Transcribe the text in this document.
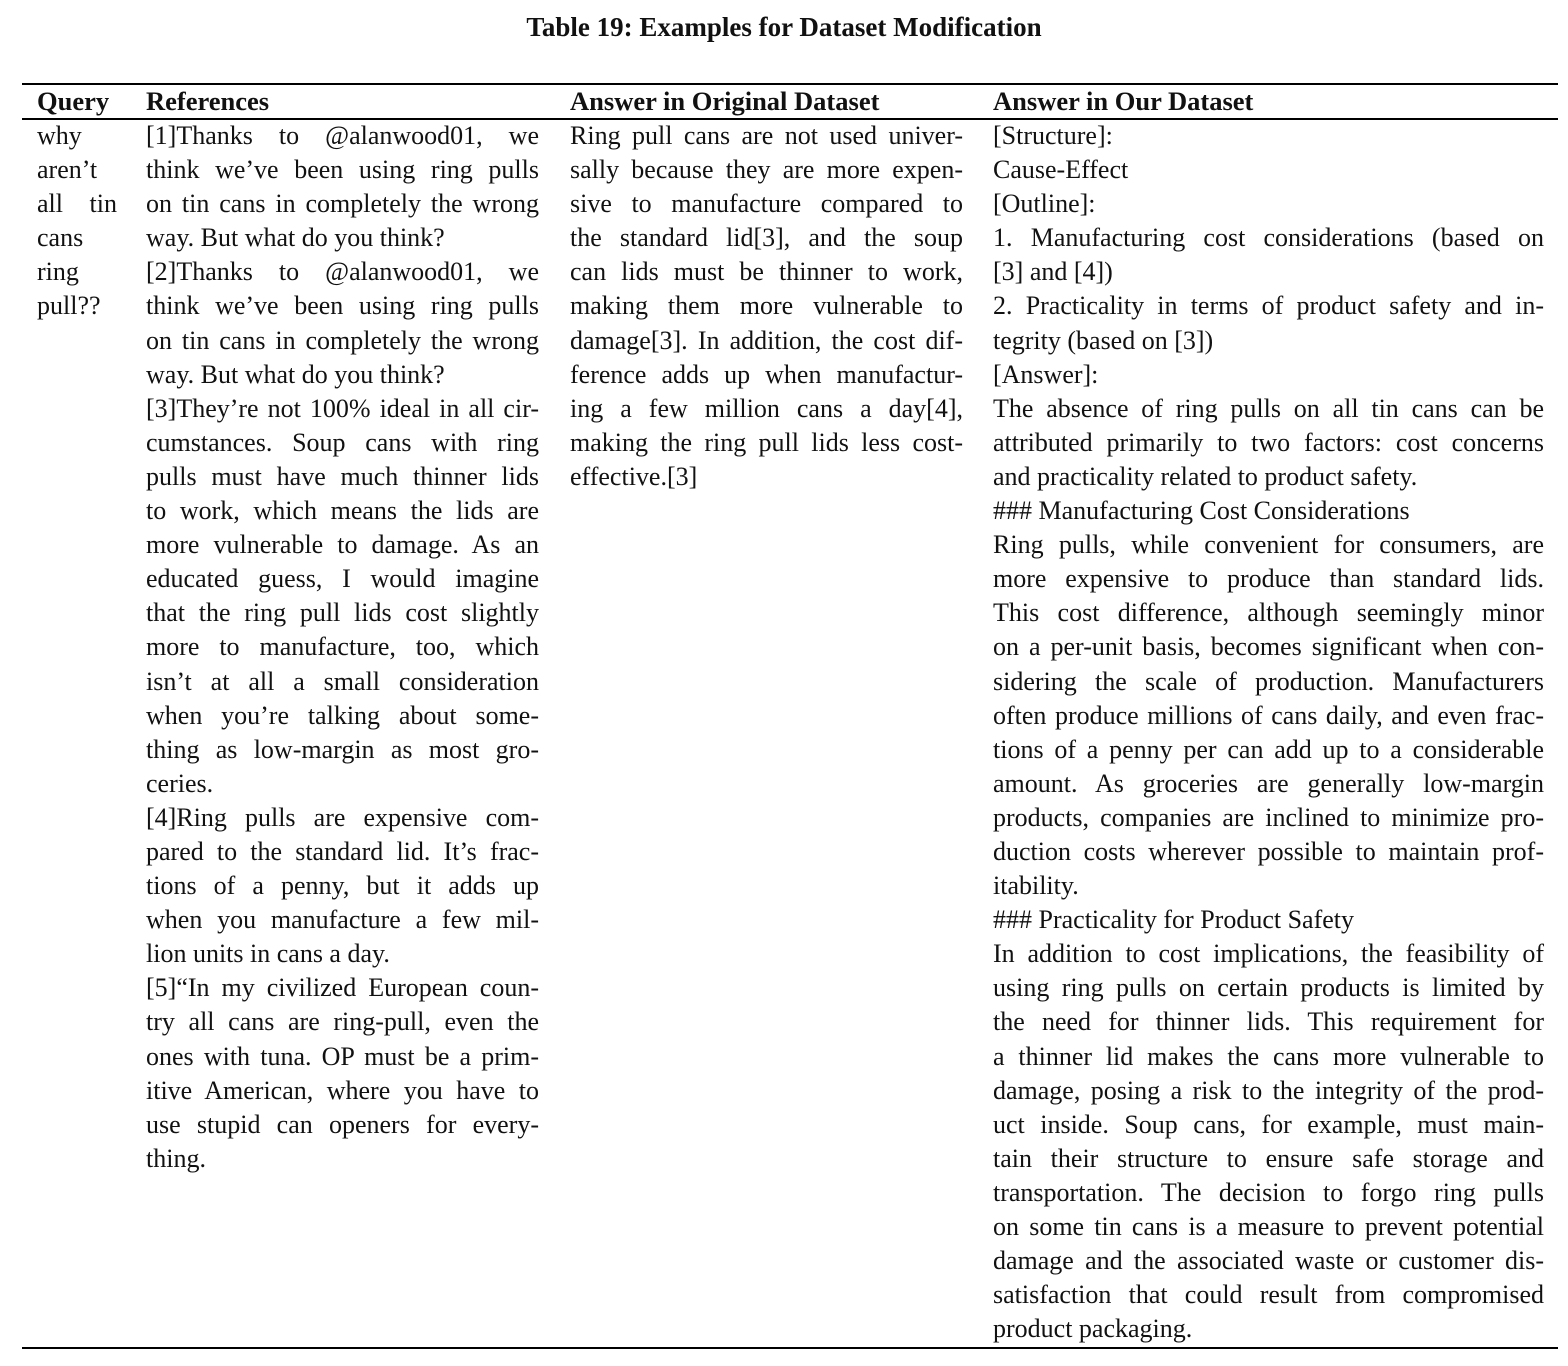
Table 19: Examples for Dataset Modification
Query References	Answer in Original Dataset	Answer in Our Dataset
why
aren’t
all tin
cans
ring
pull??
[1]Thanks to @alanwood01, we
think we’ve been using ring pulls
on tin cans in completely the wrong
way. But what do you think?
[2]Thanks to @alanwood01, we
think we’ve been using ring pulls
on tin cans in completely the wrong
way. But what do you think?
[3]They’re not 100% ideal in all cir-
cumstances. Soup cans with ring
pulls must have much thinner lids
to work, which means the lids are
more vulnerable to damage. As an
educated guess, I would imagine
that the ring pull lids cost slightly
more to manufacture, too, which
isn’t at all a small consideration
when you’re talking about some-
thing as low-margin as most gro-
ceries.
[4]Ring pulls are expensive com-
pared to the standard lid. It’s frac-
tions of a penny, but it adds up
when you manufacture a few mil-
lion units in cans a day.
[5]“In my civilized European coun-
try all cans are ring-pull, even the
ones with tuna. OP must be a prim-
itive American, where you have to
use stupid can openers for every-
thing.
Ring pull cans are not used univer-
sally because they are more expen-
sive to manufacture compared to
the standard lid[3], and the soup
can lids must be thinner to work,
making them more vulnerable to
damage[3]. In addition, the cost dif-
ference adds up when manufactur-
ing a few million cans a day[4],
making the ring pull lids less cost-
effective.[3]
[Structure]:
Cause-Effect
[Outline]:
1. Manufacturing cost considerations (based on
[3] and [4])
2. Practicality in terms of product safety and in-
tegrity (based on [3])
[Answer]:
The absence of ring pulls on all tin cans can be
attributed primarily to two factors: cost concerns
and practicality related to product safety.
### Manufacturing Cost Considerations
Ring pulls, while convenient for consumers, are
more expensive to produce than standard lids.
This cost difference, although seemingly minor
on a per-unit basis, becomes significant when con-
sidering the scale of production. Manufacturers
often produce millions of cans daily, and even frac-
tions of a penny per can add up to a considerable
amount. As groceries are generally low-margin
products, companies are inclined to minimize pro-
duction costs wherever possible to maintain prof-
itability.
### Practicality for Product Safety
In addition to cost implications, the feasibility of
using ring pulls on certain products is limited by
the need for thinner lids. This requirement for
a thinner lid makes the cans more vulnerable to
damage, posing a risk to the integrity of the prod-
uct inside. Soup cans, for example, must main-
tain their structure to ensure safe storage and
transportation. The decision to forgo ring pulls
on some tin cans is a measure to prevent potential
damage and the associated waste or customer dis-
satisfaction that could result from compromised
product packaging.
